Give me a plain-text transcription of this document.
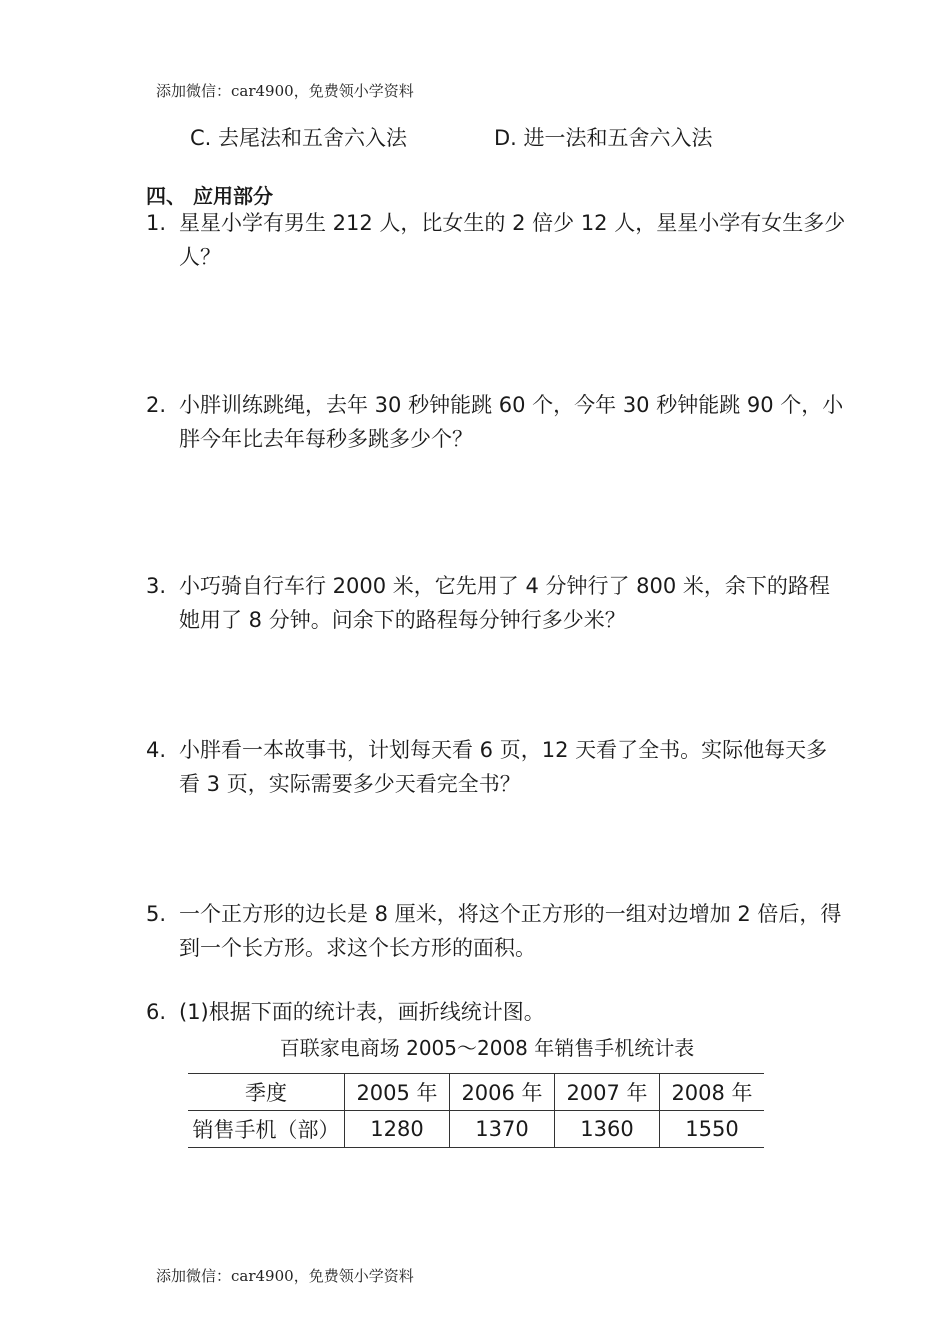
添加微信：car4900，免费领小学资料
C. 去尾法和五舍六入法	D. 进一法和五舍六入法
四、 应用部分
1. 星星小学有男生 212 人，比女生的 2 倍少 12 人，星星小学有女生多少人？
2. 小胖训练跳绳，去年 30 秒钟能跳 60 个，今年 30 秒钟能跳 90 个，小胖今年比去年每秒多跳多少个？
3. 小巧骑自行车行 2000 米，它先用了 4 分钟行了 800 米，余下的路程她用了 8 分钟。问余下的路程每分钟行多少米？
4. 小胖看一本故事书，计划每天看 6 页，12 天看了全书。实际他每天多看 3 页，实际需要多少天看完全书？
5. 一个正方形的边长是 8 厘米，将这个正方形的一组对边增加 2 倍后，得到一个长方形。求这个长方形的面积。
6. (1)根据下面的统计表，画折线统计图。
百联家电商场 2005～2008 年销售手机统计表
季度	2005 年	2006 年	2007 年	2008 年
销售手机（部）	1280	1370	1360	1550
添加微信：car4900，免费领小学资料
